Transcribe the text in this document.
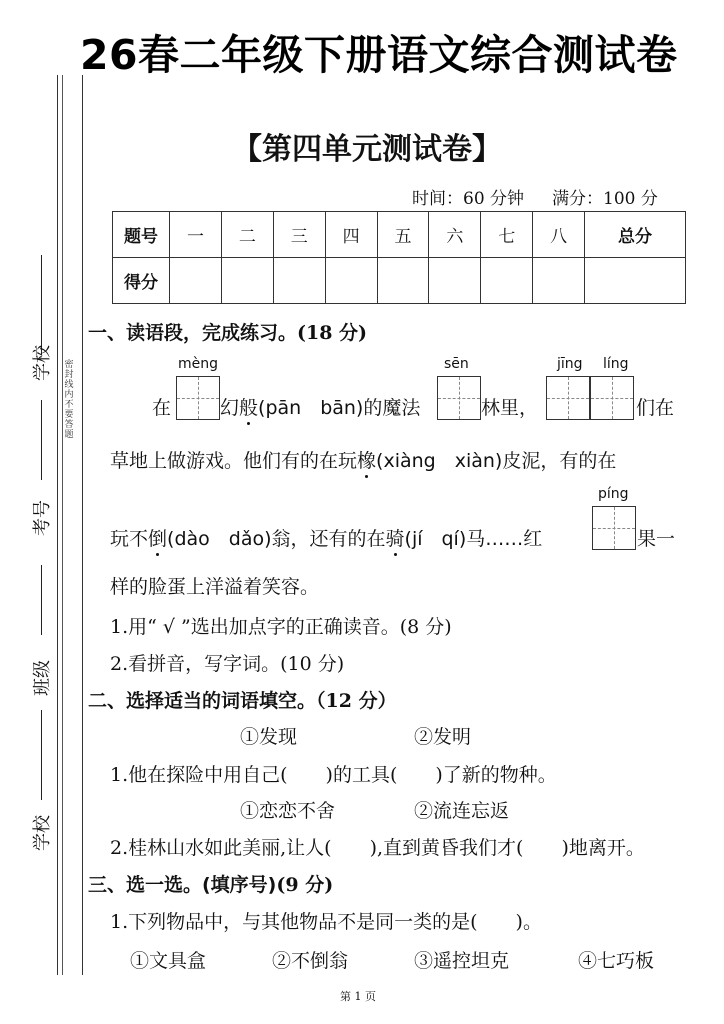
26春二年级下册语文综合测试卷
【第四单元测试卷】
时间：60 分钟 满分：100 分
密封线内不要答题
学校
考号
班级
学校
题号	一	二	三	四	五	六	七	八	总分
得分									
一、读语段，完成练习。(18 分)
mèng	sēn	jīng líng
píng
在	幻般(pān　bān)的魔法	林里，	们在
草地上做游戏。他们有的在玩橡(xiàng　xiàn)皮泥，有的在
玩不倒(dào　dǎo)翁，还有的在骑(jí　qí)马……红	果一
样的脸蛋上洋溢着笑容。
1.用“ √ ”选出加点字的正确读音。(8 分)
2.看拼音，写字词。(10 分)
二、选择适当的词语填空。（12 分）
①发现	②发明
1.他在探险中用自己(　　)的工具(　　)了新的物种。
①恋恋不舍	②流连忘返
2.桂林山水如此美丽,让人(　　),直到黄昏我们才(　　)地离开。
三、选一选。(填序号)(9 分)
1.下列物品中，与其他物品不是同一类的是(　　)。
①文具盒	②不倒翁	③遥控坦克	④七巧板
第 1 页
